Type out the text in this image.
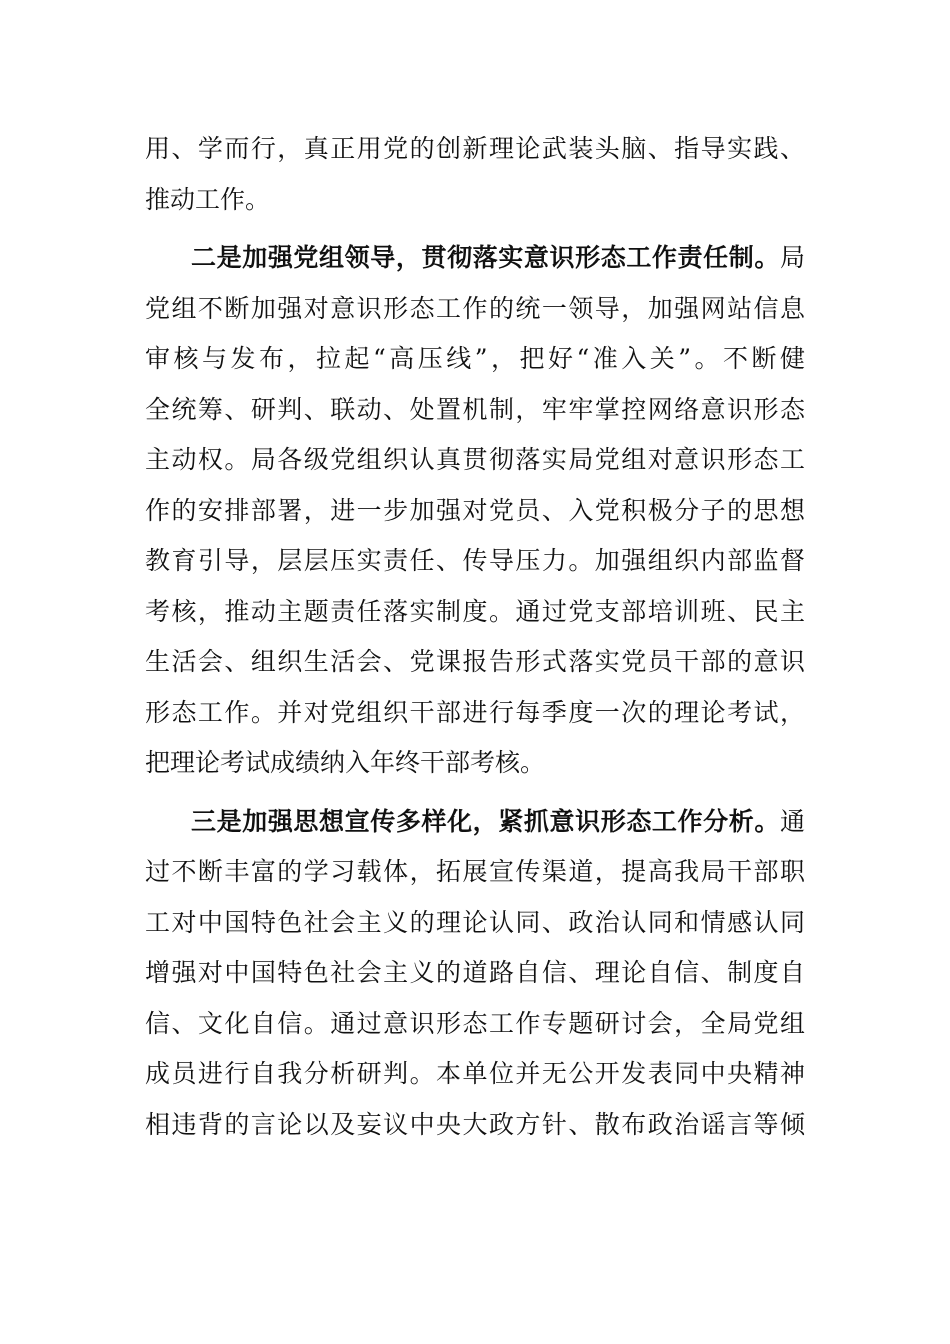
用、学而行，真正用党的创新理论武装头脑、指导实践、
推动工作。
二是加强党组领导，贯彻落实意识形态工作责任制。局
党组不断加强对意识形态工作的统一领导，加强网站信息
审核与发布，拉起“高压线”，把好“准入关”。不断健
全统筹、研判、联动、处置机制，牢牢掌控网络意识形态
主动权。局各级党组织认真贯彻落实局党组对意识形态工
作的安排部署，进一步加强对党员、入党积极分子的思想
教育引导，层层压实责任、传导压力。加强组织内部监督
考核，推动主题责任落实制度。通过党支部培训班、民主
生活会、组织生活会、党课报告形式落实党员干部的意识
形态工作。并对党组织干部进行每季度一次的理论考试，
把理论考试成绩纳入年终干部考核。
三是加强思想宣传多样化，紧抓意识形态工作分析。通
过不断丰富的学习载体，拓展宣传渠道，提高我局干部职
工对中国特色社会主义的理论认同、政治认同和情感认同
增强对中国特色社会主义的道路自信、理论自信、制度自
信、文化自信。通过意识形态工作专题研讨会，全局党组
成员进行自我分析研判。本单位并无公开发表同中央精神
相违背的言论以及妄议中央大政方针、散布政治谣言等倾
